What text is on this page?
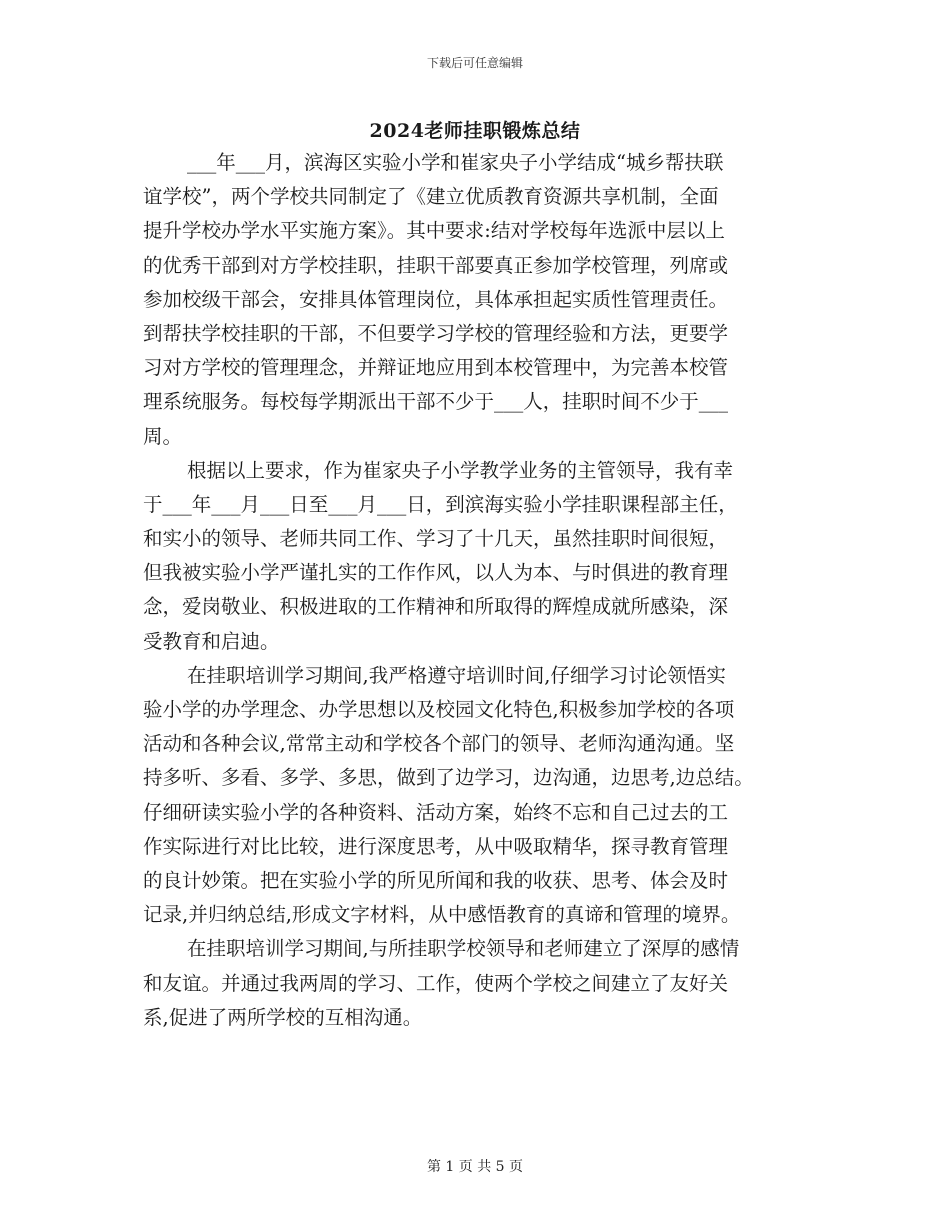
下载后可任意编辑
2024老师挂职锻炼总结
___年___月，滨海区实验小学和崔家央子小学结成“城乡帮扶联
谊学校”，两个学校共同制定了《建立优质教育资源共享机制，全面
提升学校办学水平实施方案》。其中要求:结对学校每年选派中层以上
的优秀干部到对方学校挂职，挂职干部要真正参加学校管理，列席或
参加校级干部会，安排具体管理岗位，具体承担起实质性管理责任。
到帮扶学校挂职的干部，不但要学习学校的管理经验和方法，更要学
习对方学校的管理理念，并辩证地应用到本校管理中，为完善本校管
理系统服务。每校每学期派出干部不少于___人，挂职时间不少于___
周。
根据以上要求，作为崔家央子小学教学业务的主管领导，我有幸
于___年___月___日至___月___日，到滨海实验小学挂职课程部主任，
和实小的领导、老师共同工作、学习了十几天，虽然挂职时间很短，
但我被实验小学严谨扎实的工作作风，以人为本、与时俱进的教育理
念，爱岗敬业、积极进取的工作精神和所取得的辉煌成就所感染，深
受教育和启迪。
在挂职培训学习期间,我严格遵守培训时间,仔细学习讨论领悟实
验小学的办学理念、办学思想以及校园文化特色,积极参加学校的各项
活动和各种会议,常常主动和学校各个部门的领导、老师沟通沟通。坚
持多听、多看、多学、多思，做到了边学习，边沟通，边思考,边总结。
仔细研读实验小学的各种资料、活动方案，始终不忘和自己过去的工
作实际进行对比比较，进行深度思考，从中吸取精华，探寻教育管理
的良计妙策。把在实验小学的所见所闻和我的收获、思考、体会及时
记录,并归纳总结,形成文字材料，从中感悟教育的真谛和管理的境界。
在挂职培训学习期间,与所挂职学校领导和老师建立了深厚的感情
和友谊。并通过我两周的学习、工作，使两个学校之间建立了友好关
系,促进了两所学校的互相沟通。
第 1 页 共 5 页
